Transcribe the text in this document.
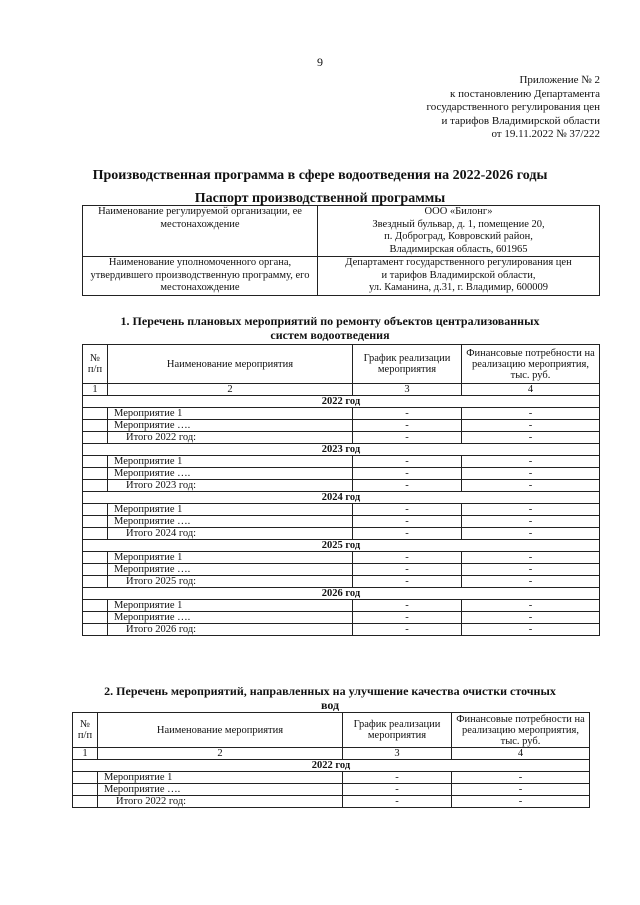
9
Приложение № 2
к постановлению Департамента
государственного регулирования цен
и тарифов Владимирской области
от 19.11.2022 № 37/222
Производственная программа в сфере водоотведения на 2022-2026 годы
Паспорт производственной программы
Наименование регулируемой организации, ее местонахождение	ООО «Билонг»
Звездный бульвар, д. 1, помещение 20,
п. Доброград, Ковровский район,
Владимирская область, 601965

Наименование уполномоченного органа, утвердившего производственную программу, его местонахождение	Департамент государственного регулирования цен
и тарифов Владимирской области,
ул. Каманина, д.31, г. Владимир, 600009
1. Перечень плановых мероприятий по ремонту объектов централизованных
систем водоотведения
№ п/п	Наименование мероприятия	График реализации мероприятия	Финансовые потребности на реализацию мероприятия, тыс. руб.
1	2	3	4
2022 год			
	Мероприятие 1	-	-
	Мероприятие ….	-	-
	Итого 2022 год:	-	-
2023 год			
	Мероприятие 1	-	-
	Мероприятие ….	-	-
	Итого 2023 год:	-	-
2024 год			
	Мероприятие 1	-	-
	Мероприятие ….	-	-
	Итого 2024 год:	-	-
2025 год			
	Мероприятие 1	-	-
	Мероприятие ….	-	-
	Итого 2025 год:	-	-
2026 год			
	Мероприятие 1	-	-
	Мероприятие ….	-	-
	Итого 2026 год:	-	-
2. Перечень мероприятий, направленных на улучшение качества очистки сточных
вод
№ п/п	Наименование мероприятия	График реализации мероприятия	Финансовые потребности на реализацию мероприятия, тыс. руб.
1	2	3	4
2022 год			
	Мероприятие 1	-	-
	Мероприятие ….	-	-
	Итого 2022 год:	-	-
